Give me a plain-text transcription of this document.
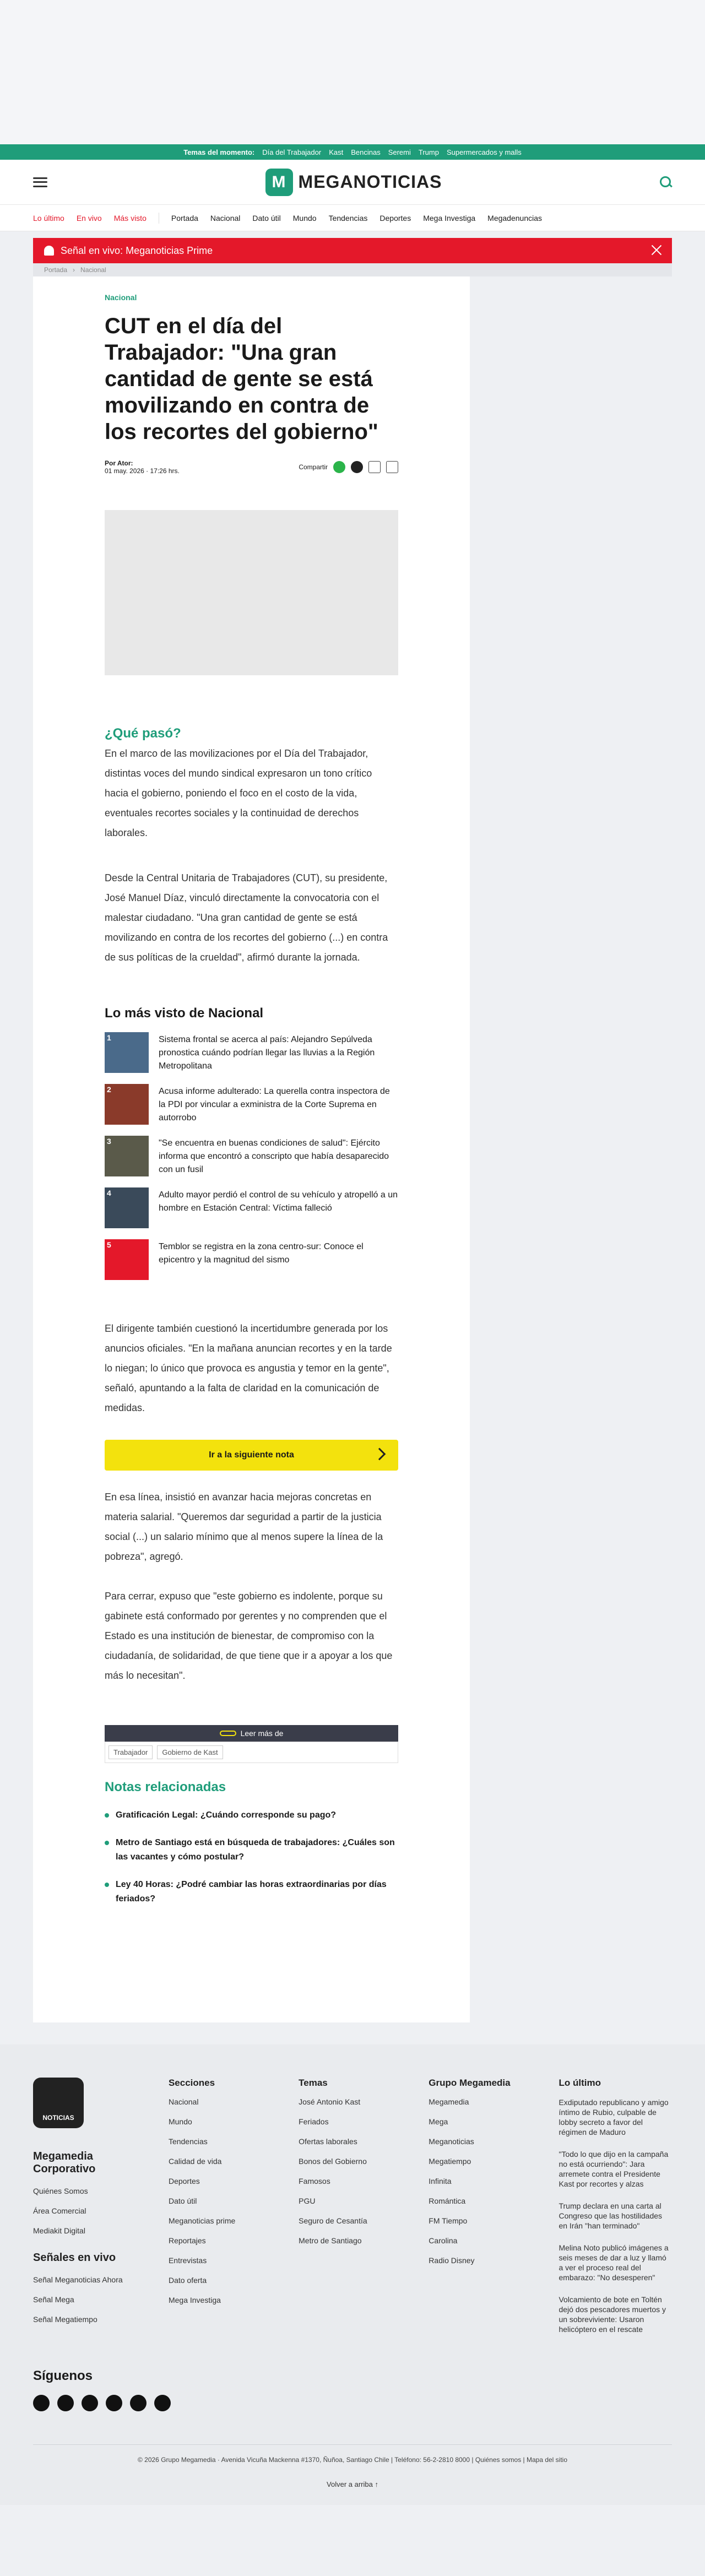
Temas del momento: Día del Trabajador Kast Bencinas Seremi Trump Supermercados y malls
M
MEGANOTICIAS
Lo último En vivo Más visto	Portada Nacional Dato útil Mundo Tendencias Deportes Mega Investiga Megadenuncias
Señal en vivo: Meganoticias Prime
Portada › Nacional
Nacional
CUT en el día del Trabajador: "Una gran cantidad de gente se está movilizando en contra de los recortes del gobierno"
Por Ator:
01 may. 2026 · 17:26 hrs.	Compartir
¿Qué pasó?

En el marco de las movilizaciones por el Día del Trabajador, distintas voces del mundo sindical expresaron un tono crítico hacia el gobierno, poniendo el foco en el costo de la vida, eventuales recortes sociales y la continuidad de derechos laborales.

Desde la Central Unitaria de Trabajadores (CUT), su presidente, José Manuel Díaz, vinculó directamente la convocatoria con el malestar ciudadano. "Una gran cantidad de gente se está movilizando en contra de los recortes del gobierno (...) en contra de sus políticas de la crueldad", afirmó durante la jornada.

Lo más visto de Nacional
1	Sistema frontal se acerca al país: Alejandro Sepúlveda pronostica cuándo podrían llegar las lluvias a la Región Metropolitana
2	Acusa informe adulterado: La querella contra inspectora de la PDI por vincular a exministra de la Corte Suprema en autorrobo
3	"Se encuentra en buenas condiciones de salud": Ejército informa que encontró a conscripto que había desaparecido con un fusil
4	Adulto mayor perdió el control de su vehículo y atropelló a un hombre en Estación Central: Víctima falleció
5	Temblor se registra en la zona centro-sur: Conoce el epicentro y la magnitud del sismo

El dirigente también cuestionó la incertidumbre generada por los anuncios oficiales. "En la mañana anuncian recortes y en la tarde lo niegan; lo único que provoca es angustia y temor en la gente", señaló, apuntando a la falta de claridad en la comunicación de medidas.

Ir a la siguiente nota

En esa línea, insistió en avanzar hacia mejoras concretas en materia salarial. "Queremos dar seguridad a partir de la justicia social (...) un salario mínimo que al menos supere la línea de la pobreza", agregó.

Para cerrar, expuso que "este gobierno es indolente, porque su gabinete está conformado por gerentes y no comprenden que el Estado es una institución de bienestar, de compromiso con la ciudadanía, de solidaridad, de que tiene que ir a apoyar a los que más lo necesitan".

Leer más de
Trabajador	Gobierno de Kast
Notas relacionadas
Gratificación Legal: ¿Cuándo corresponde su pago?
Metro de Santiago está en búsqueda de trabajadores: ¿Cuáles son las vacantes y cómo postular?
Ley 40 Horas: ¿Podré cambiar las horas extraordinarias por días feriados?
NOTICIAS
Megamedia Corporativo
Quiénes Somos
Área Comercial
Mediakit Digital
Señales en vivo
Señal Meganoticias Ahora
Señal Mega
Señal Megatiempo
Secciones
Nacional
Mundo
Tendencias
Calidad de vida
Deportes
Dato útil
Meganoticias prime
Reportajes
Entrevistas
Dato oferta
Mega Investiga
Temas
José Antonio Kast
Feriados
Ofertas laborales
Bonos del Gobierno
Famosos
PGU
Seguro de Cesantía
Metro de Santiago
Grupo Megamedia
Megamedia
Mega
Meganoticias
Megatiempo
Infinita
Romántica
FM Tiempo
Carolina
Radio Disney
Lo último
Exdiputado republicano y amigo íntimo de Rubio, culpable de lobby secreto a favor del régimen de Maduro
"Todo lo que dijo en la campaña no está ocurriendo": Jara arremete contra el Presidente Kast por recortes y alzas
Trump declara en una carta al Congreso que las hostilidades en Irán "han terminado"
Melina Noto publicó imágenes a seis meses de dar a luz y llamó a ver el proceso real del embarazo: "No desesperen"
Volcamiento de bote en Toltén dejó dos pescadores muertos y un sobreviviente: Usaron helicóptero en el rescate
Síguenos
© 2026 Grupo Megamedia · Avenida Vicuña Mackenna #1370, Ñuñoa, Santiago Chile | Teléfono: 56-2-2810 8000 | Quiénes somos | Mapa del sitio
Volver a arriba ↑
